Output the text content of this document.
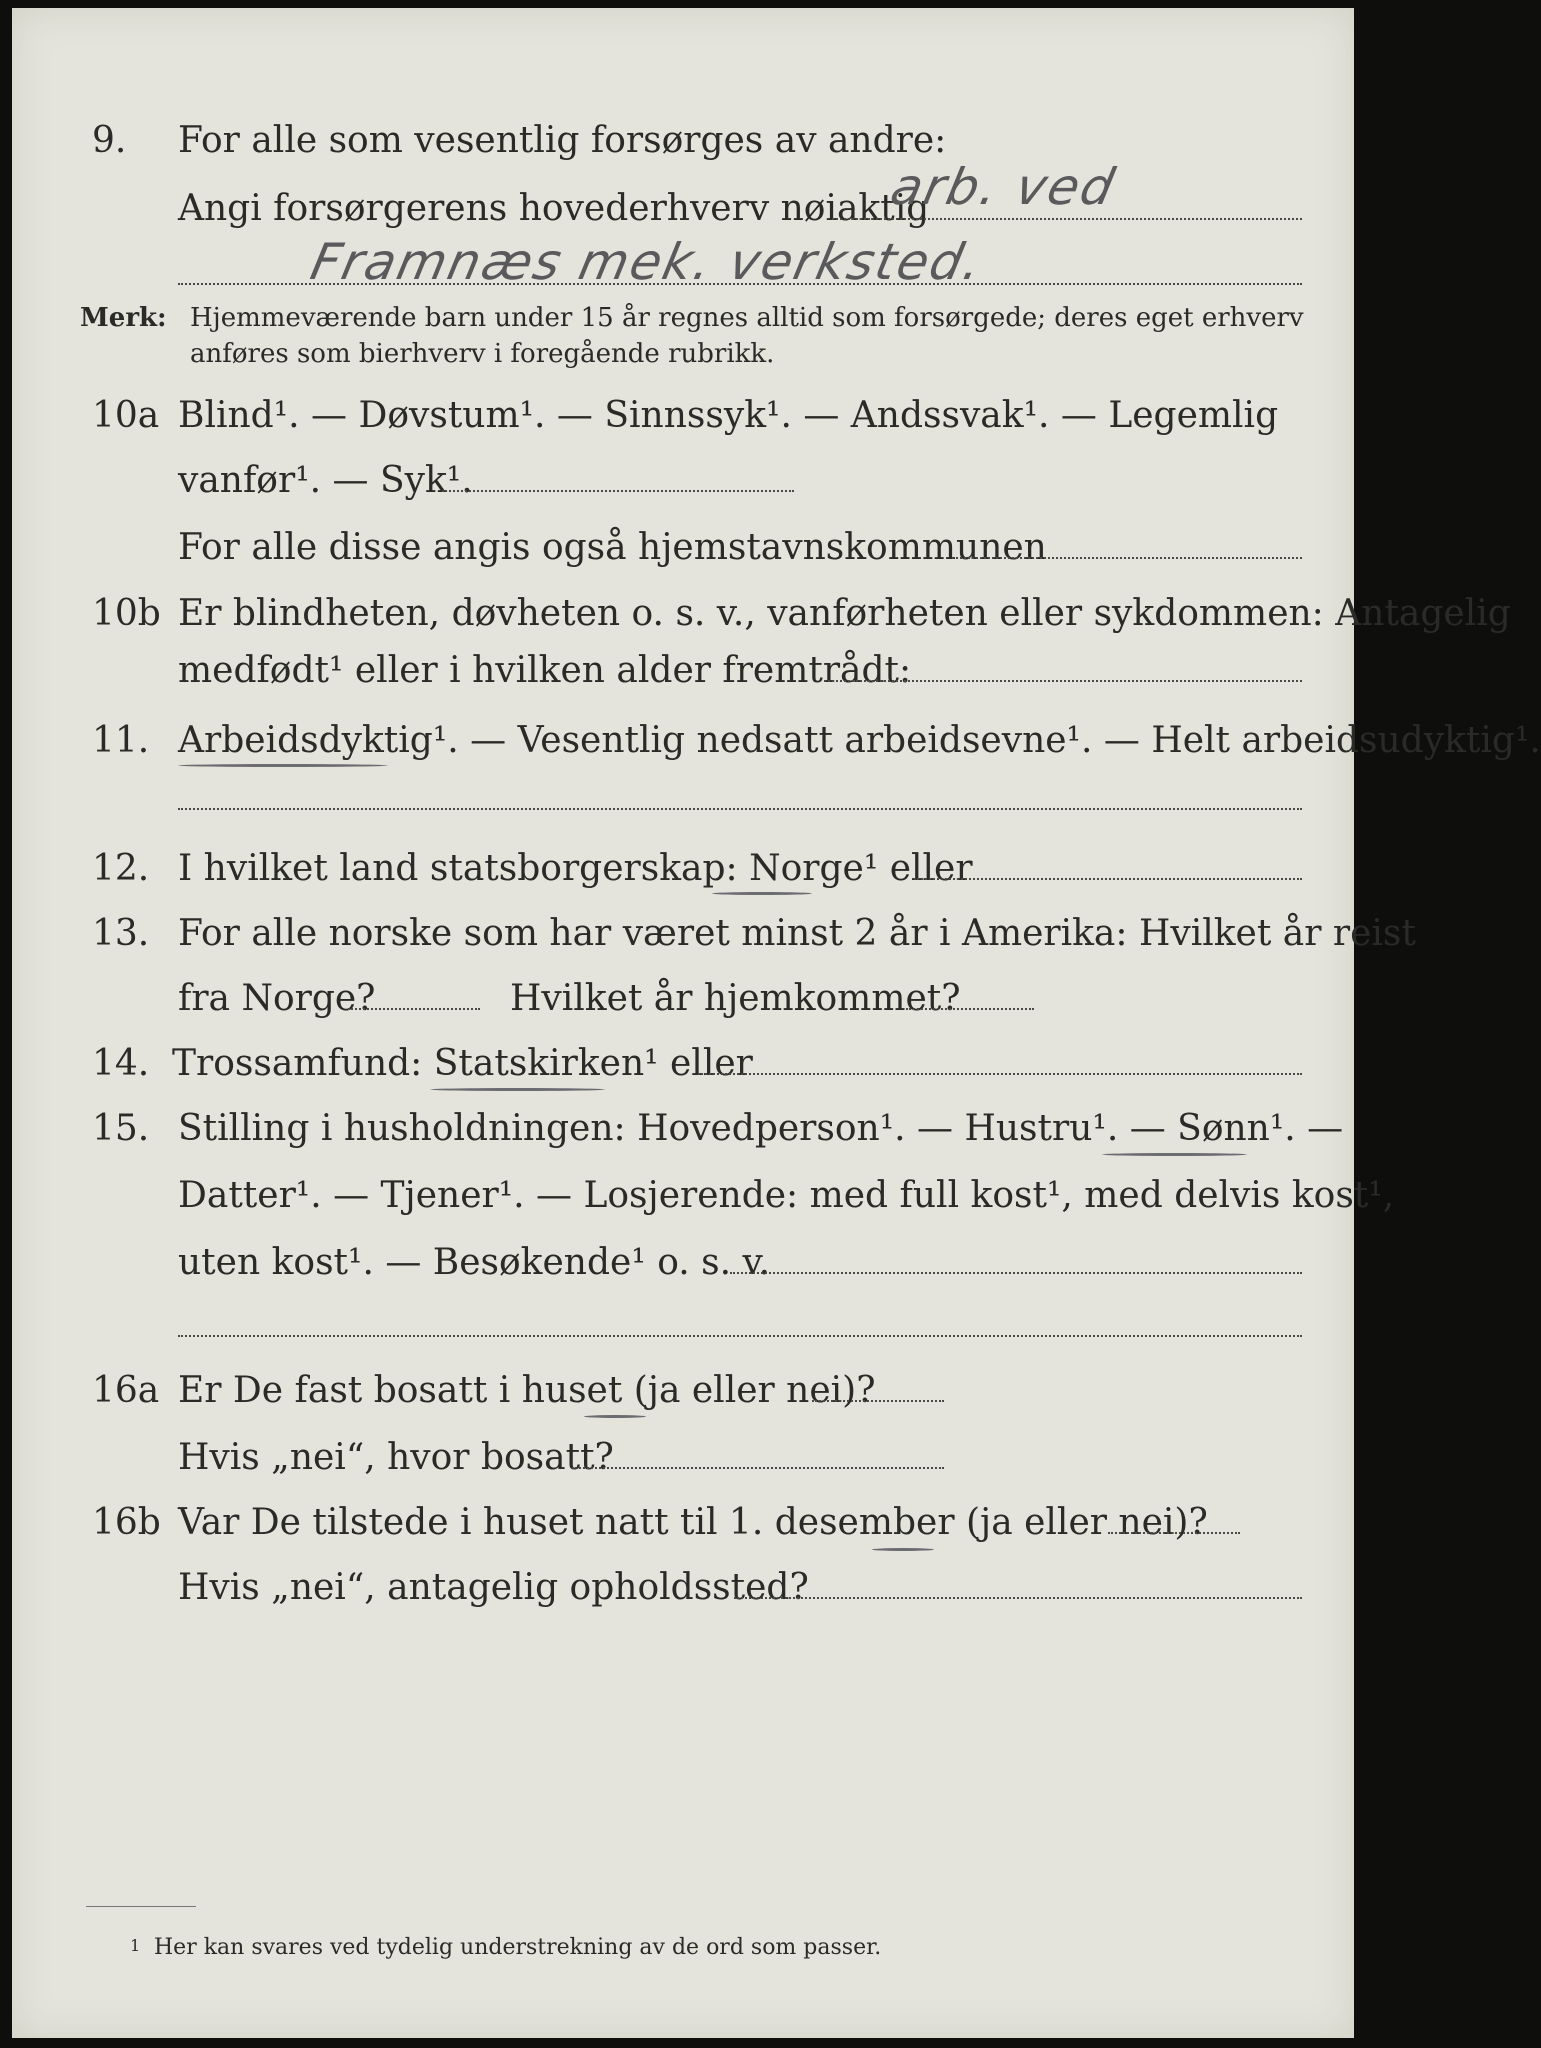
9. For alle som vesentlig forsørges av andre:
Angi forsørgerens hovederhverv nøiaktig
arb. ved
Framnæs mek. verksted.
Merk: Hjemmeværende barn under 15 år regnes alltid som forsørgede; deres eget erhverv
anføres som bierhverv i foregående rubrikk.
10a Blind¹. — Døvstum¹. — Sinnssyk¹. — Andssvak¹. — Legemlig
vanfør¹. — Syk¹.
For alle disse angis også hjemstavnskommunen
10b Er blindheten, døvheten o. s. v., vanførheten eller sykdommen: Antagelig
medfødt¹ eller i hvilken alder fremtrådt:
11. Arbeidsdyktig¹. — Vesentlig nedsatt arbeidsevne¹. — Helt arbeidsudyktig¹.
12. I hvilket land statsborgerskap: Norge¹ eller
13. For alle norske som har været minst 2 år i Amerika: Hvilket år reist
fra Norge?	Hvilket år hjemkommet?
14. Trossamfund: Statskirken¹ eller
15. Stilling i husholdningen: Hovedperson¹. — Hustru¹. — Sønn¹. —
Datter¹. — Tjener¹. — Losjerende: med full kost¹, med delvis kost¹,
uten kost¹. — Besøkende¹ o. s. v.
16a Er De fast bosatt i huset (ja eller nei)?
Hvis „nei“, hvor bosatt?
16b Var De tilstede i huset natt til 1. desember (ja eller nei)?
Hvis „nei“, antagelig opholdssted?
1 Her kan svares ved tydelig understrekning av de ord som passer.
